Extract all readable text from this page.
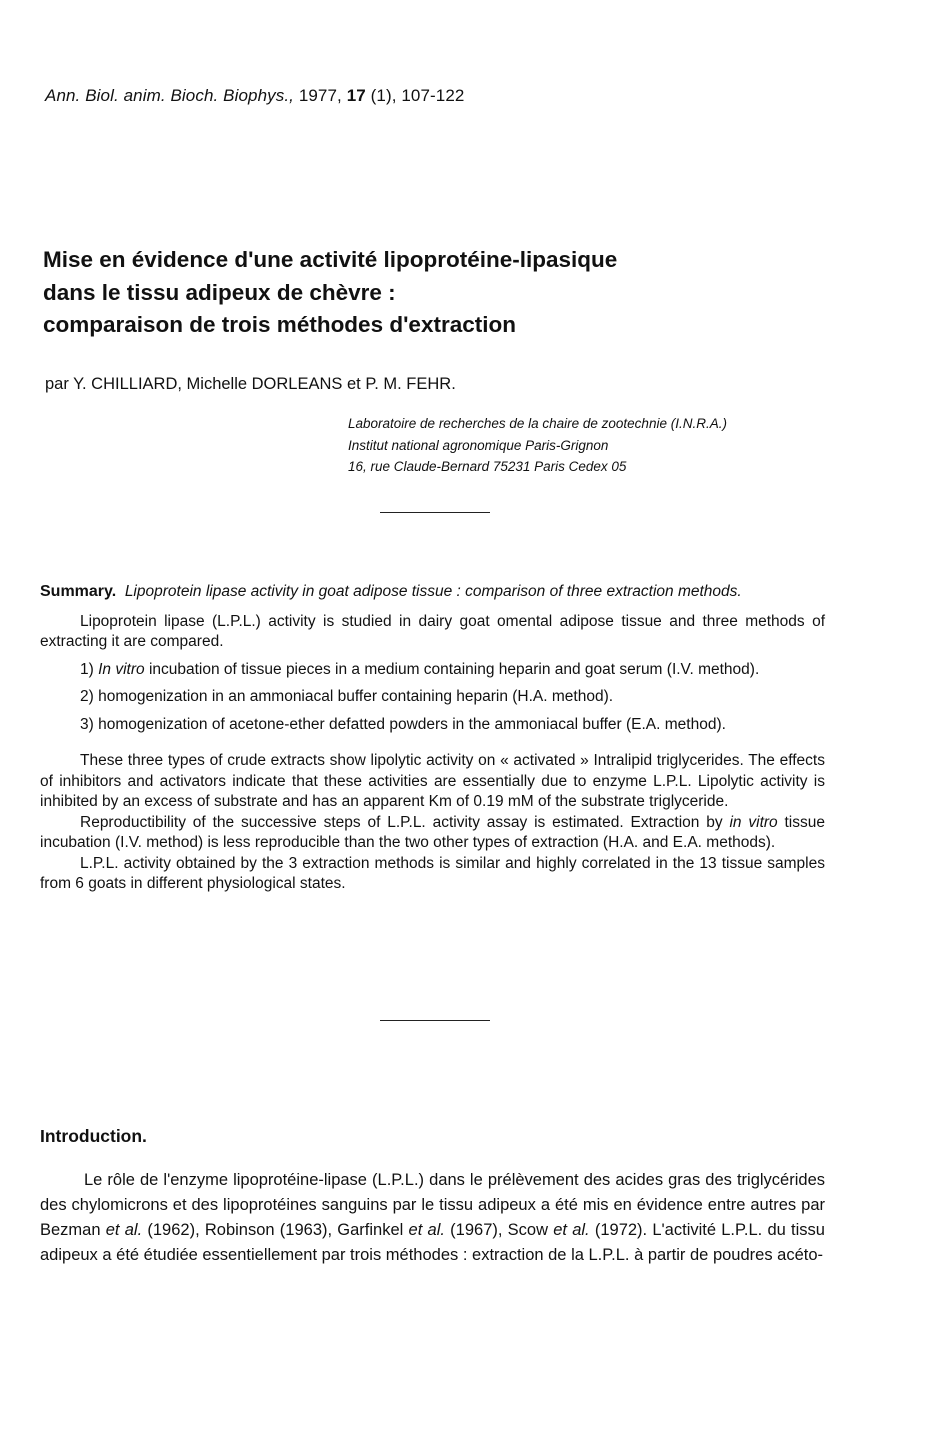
Ann. Biol. anim. Bioch. Biophys., 1977, 17 (1), 107-122
Mise en évidence d'une activité lipoprotéine-lipasique
dans le tissu adipeux de chèvre :
comparaison de trois méthodes d'extraction
par Y. CHILLIARD, Michelle DORLEANS et P. M. FEHR.
Laboratoire de recherches de la chaire de zootechnie (I.N.R.A.)
Institut national agronomique Paris-Grignon
16, rue Claude-Bernard 75231 Paris Cedex 05

Summary. Lipoprotein lipase activity in goat adipose tissue : comparison of three extraction methods.

Lipoprotein lipase (L.P.L.) activity is studied in dairy goat omental adipose tissue and three methods of extracting it are compared.

1) In vitro incubation of tissue pieces in a medium containing heparin and goat serum (I.V. method).

2) homogenization in an ammoniacal buffer containing heparin (H.A. method).

3) homogenization of acetone-ether defatted powders in the ammoniacal buffer (E.A. method).

These three types of crude extracts show lipolytic activity on « activated » Intralipid triglycerides. The effects of inhibitors and activators indicate that these activities are essentially due to enzyme L.P.L. Lipolytic activity is inhibited by an excess of substrate and has an apparent Km of 0.19 mM of the substrate triglyceride.

Reproductibility of the successive steps of L.P.L. activity assay is estimated. Extraction by in vitro tissue incubation (I.V. method) is less reproducible than the two other types of extraction (H.A. and E.A. methods).

L.P.L. activity obtained by the 3 extraction methods is similar and highly correlated in the 13 tissue samples from 6 goats in different physiological states.

Introduction.

Le rôle de l'enzyme lipoprotéine-lipase (L.P.L.) dans le prélèvement des acides gras des triglycérides des chylomicrons et des lipoprotéines sanguins par le tissu adipeux a été mis en évidence entre autres par Bezman et al. (1962), Robinson (1963), Garfinkel et al. (1967), Scow et al. (1972). L'activité L.P.L. du tissu adipeux a été étudiée essentiellement par trois méthodes : extraction de la L.P.L. à partir de poudres acéto-
